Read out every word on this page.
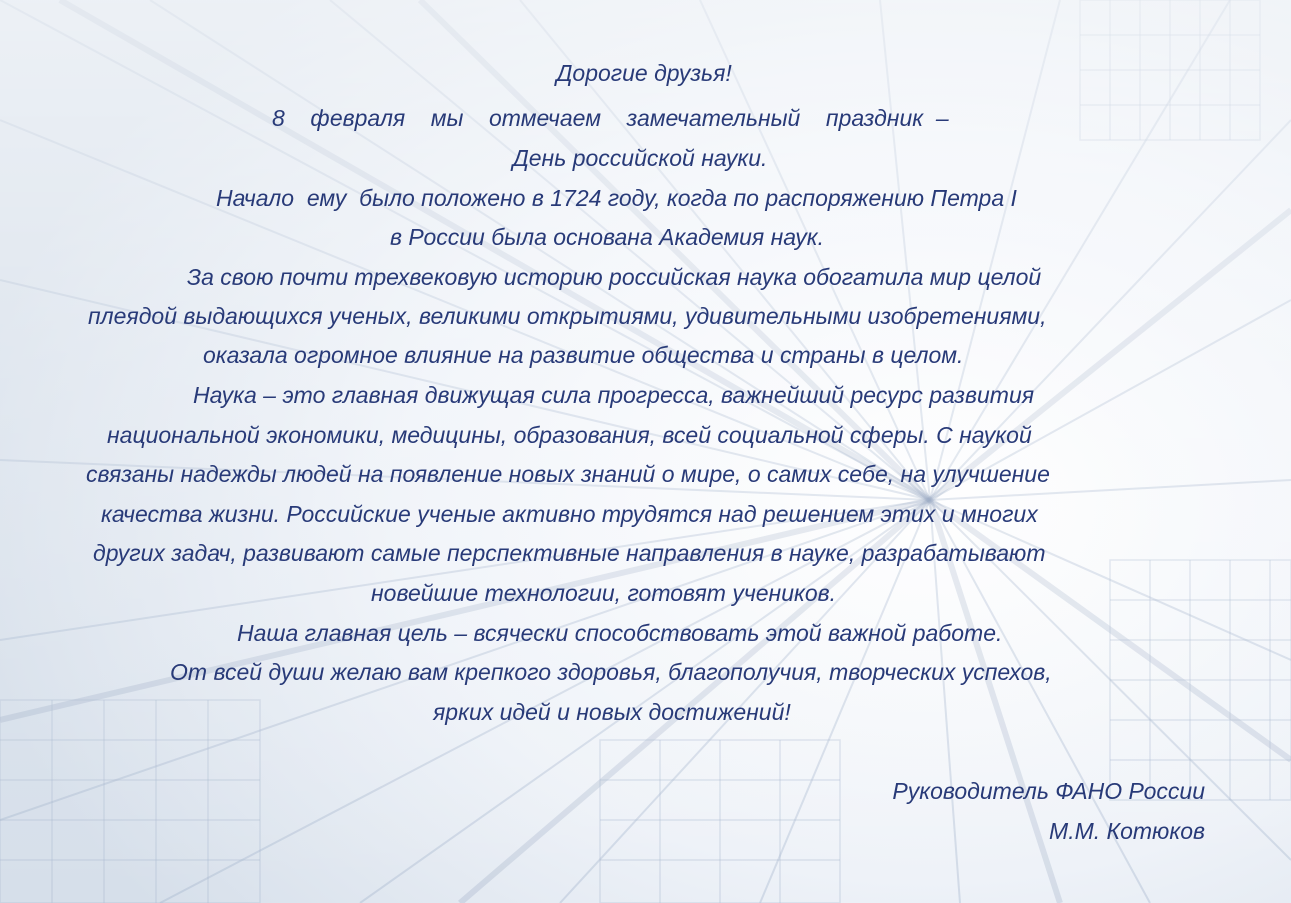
Дорогие друзья!

8    февраля    мы    отмечаем    замечательный    праздник  –

День российской науки.

Начало  ему  было положено в 1724 году, когда по распоряжению Петра I

в России была основана Академия наук.

За свою почти трехвековую историю российская наука обогатила мир целой

плеядой выдающихся ученых, великими открытиями, удивительными изобретениями,

оказала огромное влияние на развитие общества и страны в целом.

Наука – это главная движущая сила прогресса, важнейший ресурс развития

национальной экономики, медицины, образования, всей социальной сферы. С наукой

связаны надежды людей на появление новых знаний о мире, о самих себе, на улучшение

качества жизни. Российские ученые активно трудятся над решением этих и многих

других задач, развивают самые перспективные направления в науке, разрабатывают

новейшие технологии, готовят учеников.

Наша главная цель – всячески способствовать этой важной работе.

От всей души желаю вам крепкого здоровья, благополучия, творческих успехов,

ярких идей и новых достижений!

Руководитель ФАНО России

М.М. Котюков
